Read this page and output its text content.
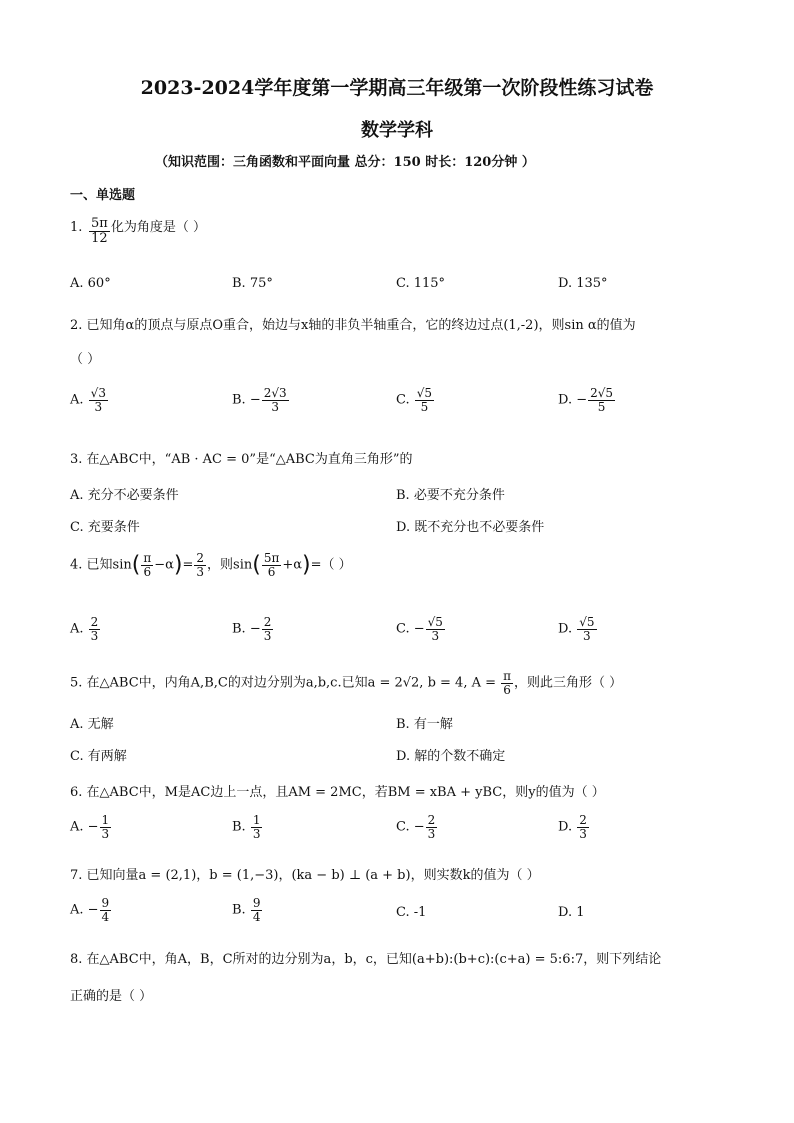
2023-2024学年度第一学期高三年级第一次阶段性练习试卷
数学学科
（知识范围：三角函数和平面向量 总分：150 时长：120分钟 ）
一、单选题
1. $\frac{5\pi}{12}$ 化为角度是（ ）
A. 60°	B. 75°	C. 115°	D. 135°
2. 已知角α的顶点与原点O重合，始边与x轴的非负半轴重合，它的终边过点(1,-2)，则sin α的值为
（ ）
A. $\frac{√3}{3}$	B. − $\frac{2√3}{3}$	C. $\frac{√5}{5}$	D. − $\frac{2√5}{5}$
3. 在△ABC中，“AB · AC = 0”是“△ABC为直角三角形”的
A. 充分不必要条件	B. 必要不充分条件
C. 充要条件	D. 既不充分也不必要条件
4. 已知$\sin( \frac{\pi}{6} -\alpha)= \frac{2}{3}$ ，则$\sin( \frac{5\pi}{6} +\alpha)=$（ ）
A. $\frac{2}{3}$	B. − $\frac{2}{3}$	C. − $\frac{√5}{3}$	D. $\frac{√5}{3}$
5. 在△ABC中，内角A,B,C的对边分别为a,b,c.已知a = 2√2, b = 4, $A = \frac{\pi}{6}$ ，则此三角形（ ）
A. 无解	B. 有一解
C. 有两解	D. 解的个数不确定
6. 在△ABC中，M是AC边上一点，且AM = 2MC，若BM = xBA + yBC，则y的值为（ ）
A. − $\frac{1}{3}$	B. $\frac{1}{3}$	C. − $\frac{2}{3}$	D. $\frac{2}{3}$
7. 已知向量a = (2,1)，b = (1,−3)，(ka − b) ⊥ (a + b)，则实数k的值为（ ）
A. − $\frac{9}{4}$	B. $\frac{9}{4}$	C. -1	D. 1
8. 在△ABC中，角A，B，C所对的边分别为a，b，c，已知(a+b):(b+c):(c+a) = 5:6:7，则下列结论
正确的是（ ）
